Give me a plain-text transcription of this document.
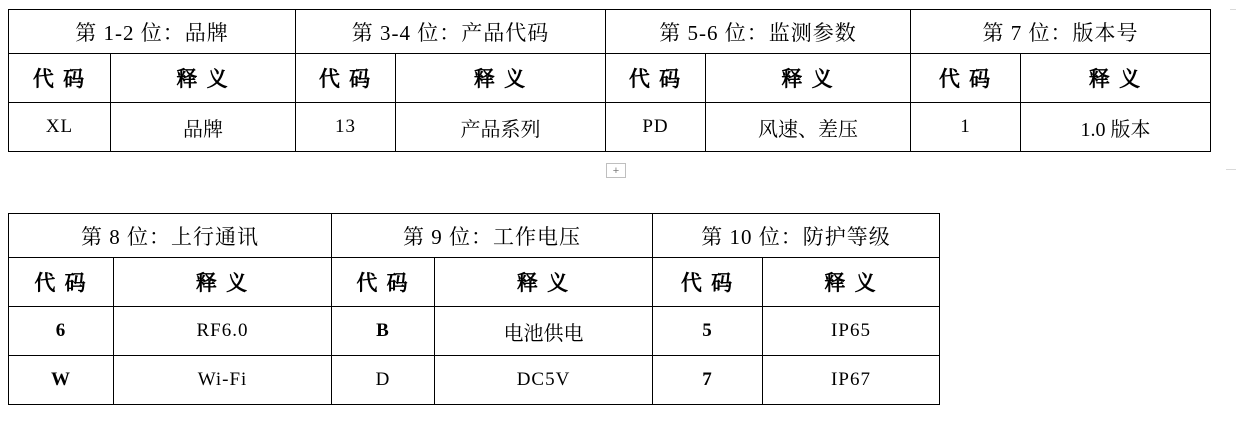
第 1-2 位：品牌		第 3-4 位：产品代码		第 5-6 位：监测参数		第 7 位：版本号	
代 码	释 义	代 码	释 义	代 码	释 义	代 码	释 义
XL	品牌	13	产品系列	PD	风速、差压	1	1.0 版本
+
第 8 位：上行通讯		第 9 位：工作电压		第 10 位：防护等级	
代 码	释 义	代 码	释 义	代 码	释 义
6	RF6.0	B	电池供电	5	IP65
W	Wi-Fi	D	DC5V	7	IP67
